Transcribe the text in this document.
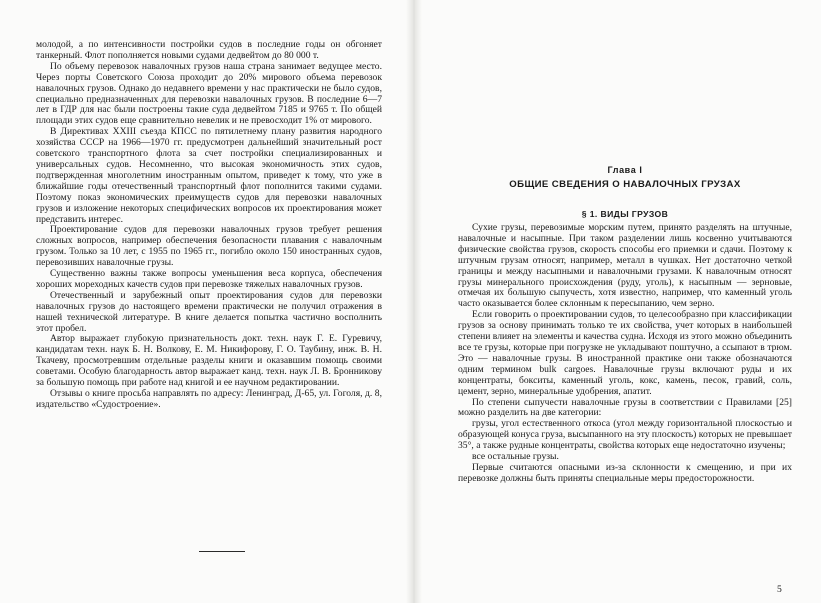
молодой, а по интенсивности постройки судов в последние годы он обгоняет танкерный. Флот пополняется новыми судами дедвейтом до 80 000 т.

По объему перевозок навалочных грузов наша страна занимает ведущее место. Через порты Советского Союза проходит до 20% мирового объема перевозок навалочных грузов. Однако до недавнего времени у нас практически не было судов, специально предназначенных для перевозки навалочных грузов. В последние 6—7 лет в ГДР для нас были построены такие суда дедвейтом 7185 и 9765 т. По общей площади этих судов еще сравнительно невелик и не превосходит 1% от мирового.

В Директивах XXIII съезда КПСС по пятилетнему плану развития народного хозяйства СССР на 1966—1970 гг. предусмотрен дальнейший значительный рост советского транспортного флота за счет постройки специализированных и универсальных судов. Несомненно, что высокая экономичность этих судов, подтвержденная многолетним иностранным опытом, приведет к тому, что уже в ближайшие годы отечественный транспортный флот пополнится такими судами. Поэтому показ экономических преимуществ судов для перевозки навалочных грузов и изложение некоторых специфических вопросов их проектирования может представить интерес.

Проектирование судов для перевозки навалочных грузов требует решения сложных вопросов, например обеспечения безопасности плавания с навалочным грузом. Только за 10 лет, с 1955 по 1965 гг., погибло около 150 иностранных судов, перевозивших навалочные грузы.

Существенно важны также вопросы уменьшения веса корпуса, обеспечения хороших мореходных качеств судов при перевозке тяжелых навалочных грузов.

Отечественный и зарубежный опыт проектирования судов для перевозки навалочных грузов до настоящего времени практически не получил отражения в нашей технической литературе. В книге делается попытка частично восполнить этот пробел.

Автор выражает глубокую признательность докт. техн. наук Г. Е. Гуревичу, кандидатам техн. наук Б. Н. Волкову, Е. М. Никифорову, Г. О. Таубину, инж. В. Н. Ткачеву, просмотревшим отдельные разделы книги и оказавшим помощь своими советами. Особую благодарность автор выражает канд. техн. наук Л. В. Бронникову за большую помощь при работе над книгой и ее научном редактировании.

Отзывы о книге просьба направлять по адресу: Ленинград, Д-65, ул. Гоголя, д. 8, издательство «Судостроение».

Глава I
ОБЩИЕ СВЕДЕНИЯ О НАВАЛОЧНЫХ ГРУЗАХ
§ 1. ВИДЫ ГРУЗОВ

Сухие грузы, перевозимые морским путем, принято разделять на штучные, навалочные и насыпные. При таком разделении лишь косвенно учитываются физические свойства грузов, скорость способы его приемки и сдачи. Поэтому к штучным грузам относят, например, металл в чушках. Нет достаточно четкой границы и между насыпными и навалочными грузами. К навалочным относят грузы минерального происхождения (руду, уголь), к насыпным — зерновые, отмечая их большую сыпучесть, хотя известно, например, что каменный уголь часто оказывается более склонным к пересыпанию, чем зерно.

Если говорить о проектировании судов, то целесообразно при классификации грузов за основу принимать только те их свойства, учет которых в наибольшей степени влияет на элементы и качества судна. Исходя из этого можно объединить все те грузы, которые при погрузке не укладывают поштучно, а ссыпают в трюм. Это — навалочные грузы. В иностранной практике они также обозначаются одним термином bulk cargoes. Навалочные грузы включают руды и их концентраты, бокситы, каменный уголь, кокс, камень, песок, гравий, соль, цемент, зерно, минеральные удобрения, апатит.

По степени сыпучести навалочные грузы в соответствии с Правилами [25] можно разделить на две категории:

грузы, угол естественного откоса (угол между горизонтальной плоскостью и образующей конуса груза, высыпанного на эту плоскость) которых не превышает 35°, а также рудные концентраты, свойства которых еще недостаточно изучены;

все остальные грузы.

Первые считаются опасными из-за склонности к смещению, и при их перевозке должны быть приняты специальные меры предосторожности.

5
